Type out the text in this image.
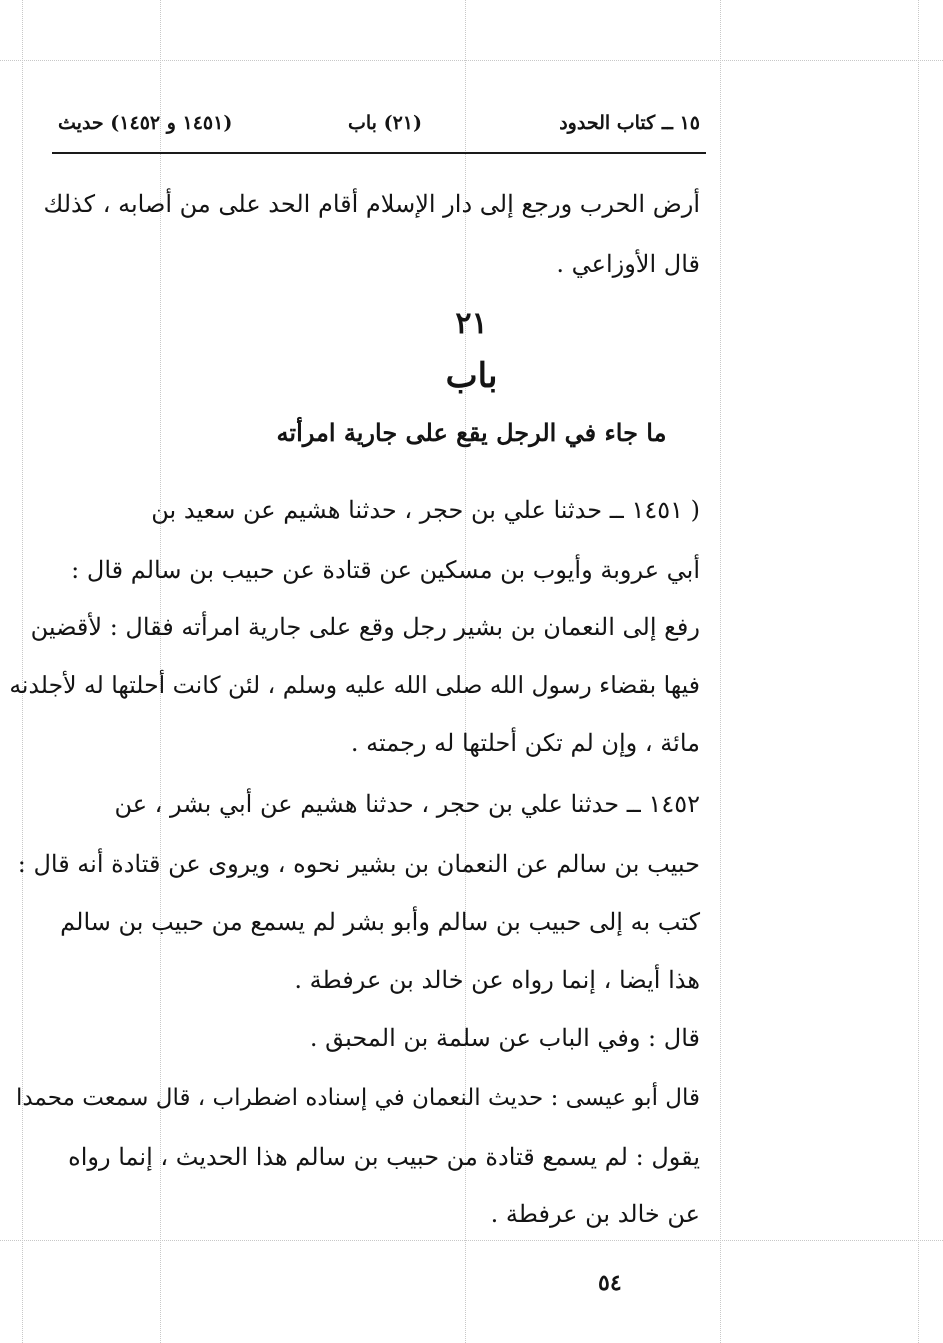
١٥ ــ كتاب الحدود
(٢١) باب
(١٤٥١ و ١٤٥٢) حديث
أرض الحرب ورجع إلى دار الإسلام أقام الحد على من أصابه ، كذلك
قال الأوزاعي .
٢١
باب
ما جاء في الرجل يقع على جارية امرأته
( ١٤٥١ ــ حدثنا علي بن حجر ، حدثنا هشيم عن سعيد بن
أبي عروبة وأيوب بن مسكين عن قتادة عن حبيب بن سالم قال :
رفع إلى النعمان بن بشير رجل وقع على جارية امرأته فقال : لأقضين
فيها بقضاء رسول الله صلى الله عليه وسلم ، لئن كانت أحلتها له لأجلدنه
مائة ، وإن لم تكن أحلتها له رجمته .
١٤٥٢ ــ حدثنا علي بن حجر ، حدثنا هشيم عن أبي بشر ، عن
حبيب بن سالم عن النعمان بن بشير نحوه ، ويروى عن قتادة أنه قال :
كتب به إلى حبيب بن سالم وأبو بشر لم يسمع من حبيب بن سالم
هذا أيضا ، إنما رواه عن خالد بن عرفطة .
قال : وفي الباب عن سلمة بن المحبق .
قال أبو عيسى : حديث النعمان في إسناده اضطراب ، قال سمعت محمدا
يقول : لم يسمع قتادة من حبيب بن سالم هذا الحديث ، إنما رواه
عن خالد بن عرفطة .
٥٤
